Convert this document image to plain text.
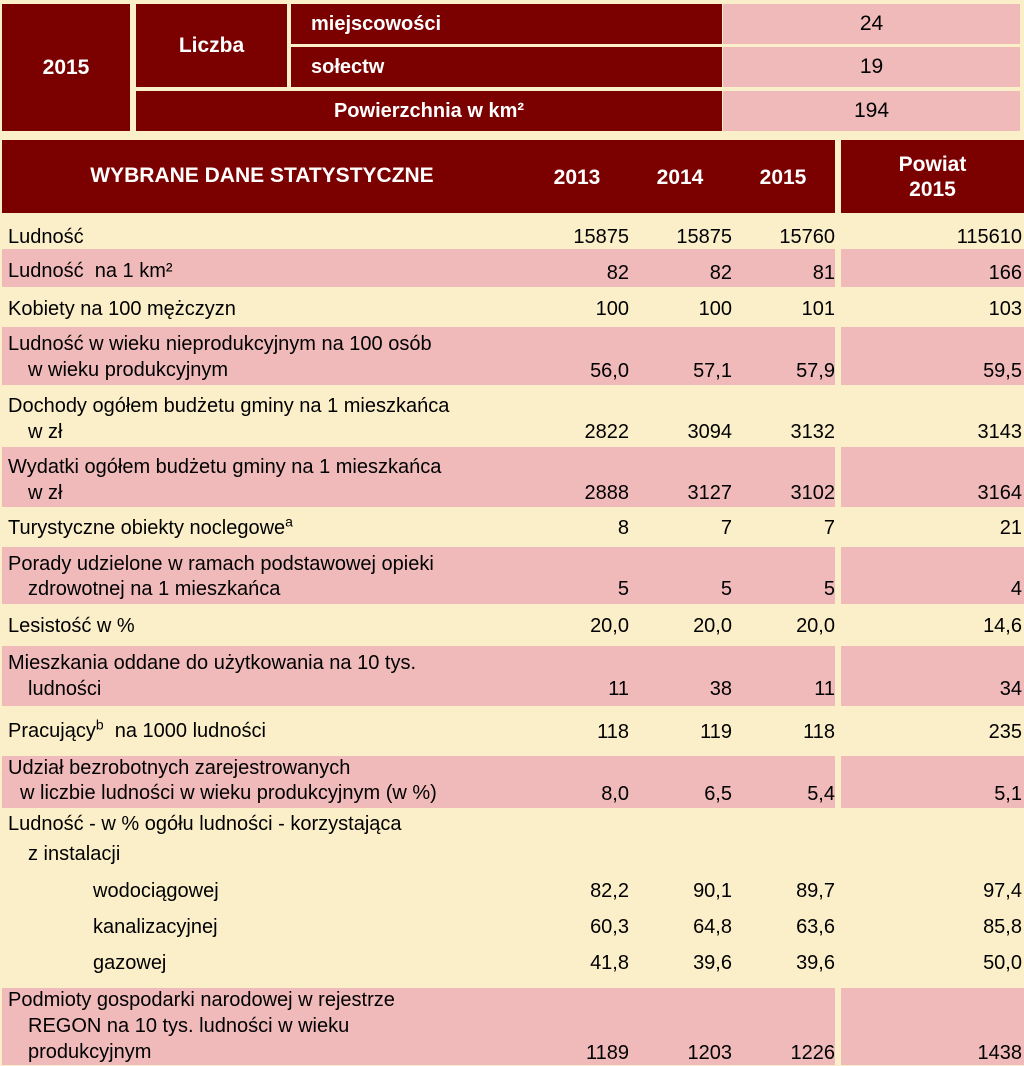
2015
Liczba
miejscowości	24
sołectw	19
Powierzchnia w km²	194
WYBRANE DANE STATYSTYCZNE	2013	2014	2015
Powiat
2015
Ludność	15875 15875 15760	115610
Ludność  na 1 km²	82	82	81	166
Kobiety na 100 mężczyzn	100	100	101	103
Ludność w wieku nieprodukcyjnym na 100 osób
w wieku produkcyjnym	56,0	57,1	57,9	59,5
Dochody ogółem budżetu gminy na 1 mieszkańca
w zł	2822	3094	3132	3143
Wydatki ogółem budżetu gminy na 1 mieszkańca
w zł	2888	3127	3102	3164
Turystyczne obiekty noclegowe$^a$	8	7	7	21
Porady udzielone w ramach podstawowej opieki
zdrowotnej na 1 mieszkańca	5	5	5	4
Lesistość w %	20,0	20,0	20,0	14,6
Mieszkania oddane do użytkowania na 10 tys.
ludności	11	38	11	34
Pracujący$^b$  na 1000 ludności	118	119	118	235
Udział bezrobotnych zarejestrowanych
w liczbie ludności w wieku produkcyjnym (w %)	8,0	6,5	5,4	5,1
Ludność - w % ogółu ludności - korzystająca
z instalacji
wodociągowej	82,2	90,1	89,7	97,4
kanalizacyjnej	60,3	64,8	63,6	85,8
gazowej	41,8	39,6	39,6	50,0
Podmioty gospodarki narodowej w rejestrze
REGON na 10 tys. ludności w wieku
produkcyjnym	1189	1203	1226	1438
